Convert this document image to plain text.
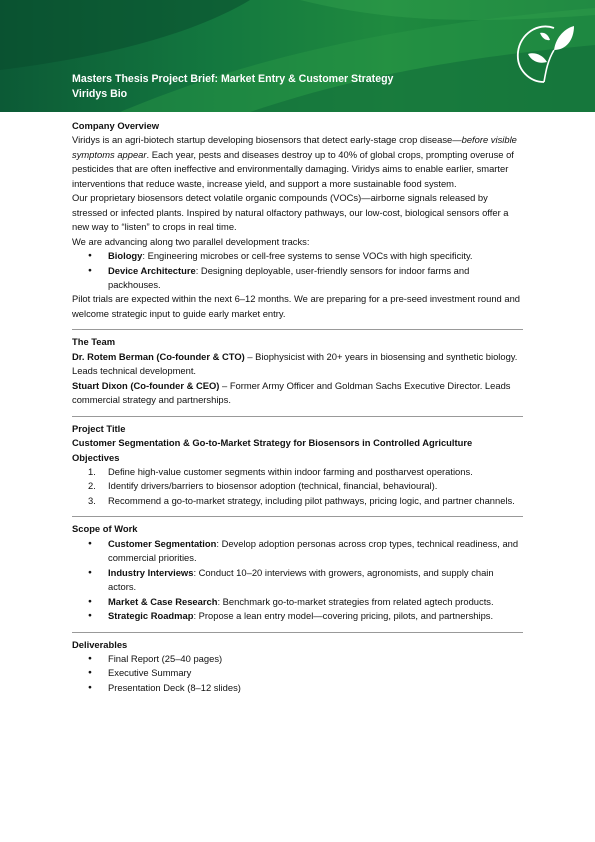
Masters Thesis Project Brief: Market Entry & Customer Strategy
Viridys Bio

Company Overview

Viridys is an agri-biotech startup developing biosensors that detect early-stage crop disease—before visible symptoms appear. Each year, pests and diseases destroy up to 40% of global crops, prompting overuse of pesticides that are often ineffective and environmentally damaging. Viridys aims to enable earlier, smarter interventions that reduce waste, increase yield, and support a more sustainable food system.

Our proprietary biosensors detect volatile organic compounds (VOCs)—airborne signals released by stressed or infected plants. Inspired by natural olfactory pathways, our low-cost, biological sensors offer a new way to “listen” to crops in real time.

We are advancing along two parallel development tracks:

● Biology: Engineering microbes or cell-free systems to sense VOCs with high specificity.
● Device Architecture: Designing deployable, user-friendly sensors for indoor farms and packhouses.

Pilot trials are expected within the next 6–12 months. We are preparing for a pre-seed investment round and welcome strategic input to guide early market entry.

The Team

Dr. Rotem Berman (Co-founder & CTO) – Biophysicist with 20+ years in biosensing and synthetic biology. Leads technical development.

Stuart Dixon (Co-founder & CEO) – Former Army Officer and Goldman Sachs Executive Director. Leads commercial strategy and partnerships.

Project Title

Customer Segmentation & Go-to-Market Strategy for Biosensors in Controlled Agriculture

Objectives

1. Define high-value customer segments within indoor farming and postharvest operations.
2. Identify drivers/barriers to biosensor adoption (technical, financial, behavioural).
3. Recommend a go-to-market strategy, including pilot pathways, pricing logic, and partner channels.

Scope of Work

● Customer Segmentation: Develop adoption personas across crop types, technical readiness, and commercial priorities.
● Industry Interviews: Conduct 10–20 interviews with growers, agronomists, and supply chain actors.
● Market & Case Research: Benchmark go-to-market strategies from related agtech products.
● Strategic Roadmap: Propose a lean entry model—covering pricing, pilots, and partnerships.

Deliverables

● Final Report (25–40 pages)
● Executive Summary
● Presentation Deck (8–12 slides)
